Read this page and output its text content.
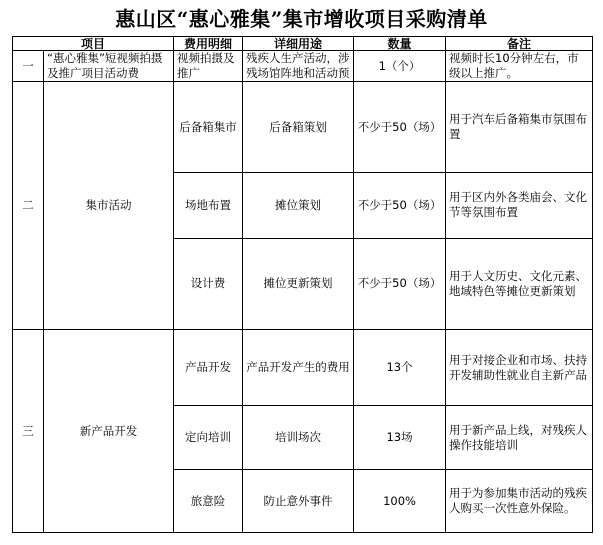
惠山区“惠心雅集”集市增收项目采购清单
项目		费用明细	详细用途	数量	备注
一	“惠心雅集”短视频拍摄及推广项目活动费	视频拍摄及推广	残疾人生产活动，涉残场馆阵地和活动预	1（个）	视频时长10分钟左右，市级以上推广。
二	集市活动	后备箱集市	后备箱策划	不少于50（场）	用于汽车后备箱集市氛围布置
		场地布置	摊位策划	不少于50（场）	用于区内外各类庙会、文化节等氛围布置
		设计费	摊位更新策划	不少于50（场）	用于人文历史、文化元素、地域特色等摊位更新策划
三	新产品开发	产品开发	产品开发产生的费用	13个	用于对接企业和市场、扶持开发辅助性就业自主新产品
		定向培训	培训场次	13场	用于新产品上线，对残疾人操作技能培训
		旅意险	防止意外事件	100%	用于为参加集市活动的残疾人购买一次性意外保险。
